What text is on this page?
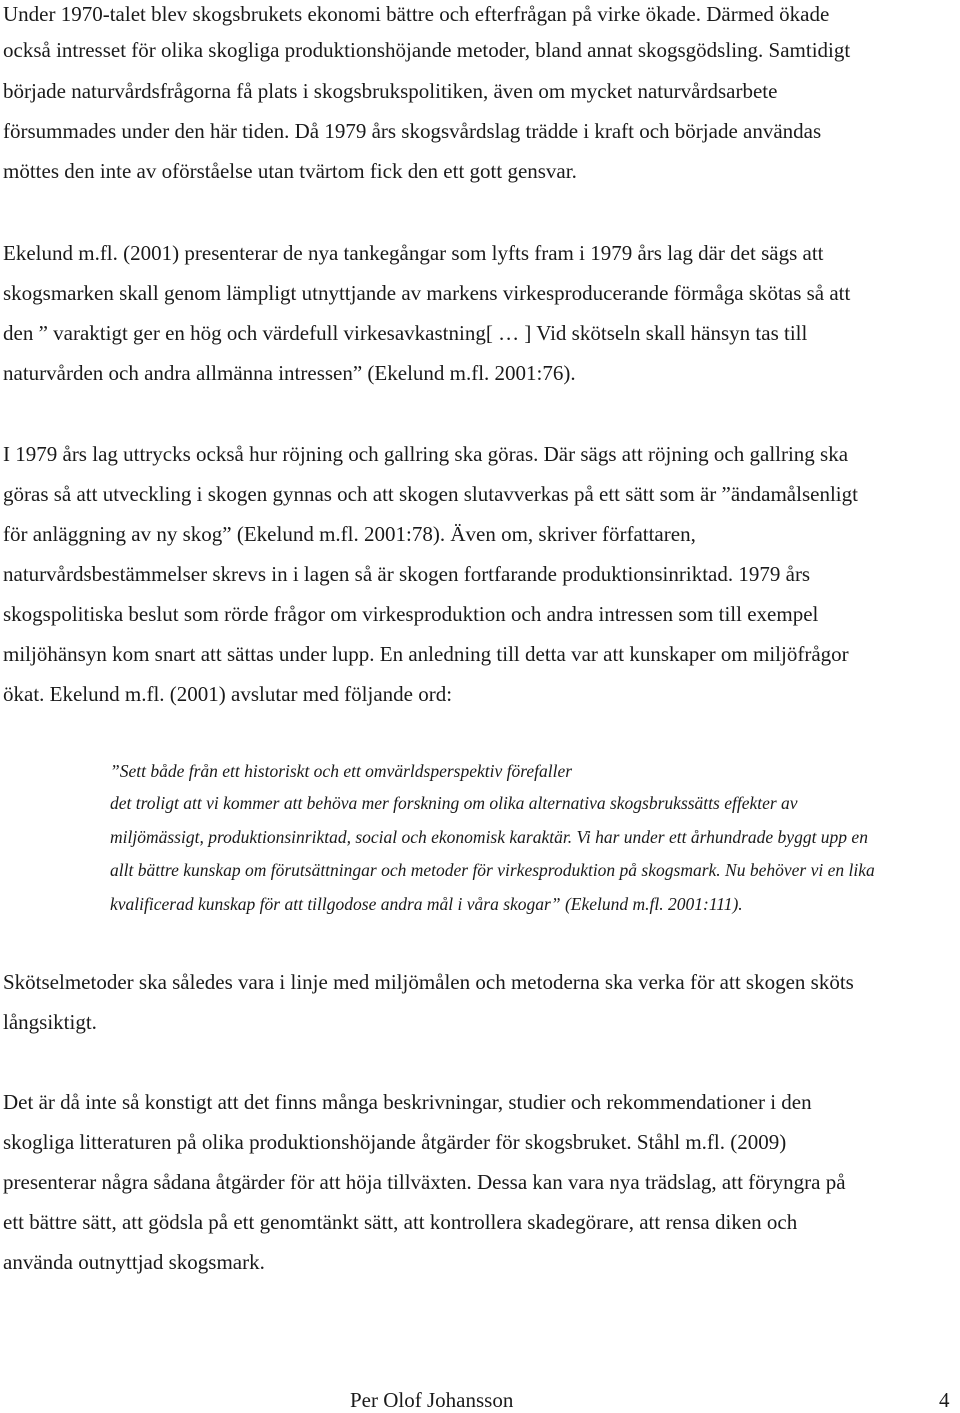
Under 1970-talet blev skogsbrukets ekonomi bättre och efterfrågan på virke ökade. Därmed ökade
också intresset för olika skogliga produktionshöjande metoder, bland annat skogsgödsling. Samtidigt
började naturvårdsfrågorna få plats i skogsbrukspolitiken, även om mycket naturvårdsarbete
försummades under den här tiden. Då 1979 års skogsvårdslag trädde i kraft och började användas
möttes den inte av oförståelse utan tvärtom fick den ett gott gensvar.
Ekelund m.fl. (2001) presenterar de nya tankegångar som lyfts fram i 1979 års lag där det sägs att
skogsmarken skall genom lämpligt utnyttjande av markens virkesproducerande förmåga skötas så att
den ” varaktigt ger en hög och värdefull virkesavkastning[ … ] Vid skötseln skall hänsyn tas till
naturvården och andra allmänna intressen” (Ekelund m.fl. 2001:76).
I 1979 års lag uttrycks också hur röjning och gallring ska göras. Där sägs att röjning och gallring ska
göras så att utveckling i skogen gynnas och att skogen slutavverkas på ett sätt som är ”ändamålsenligt
för anläggning av ny skog” (Ekelund m.fl. 2001:78). Även om, skriver författaren,
naturvårdsbestämmelser skrevs in i lagen så är skogen fortfarande produktionsinriktad. 1979 års
skogspolitiska beslut som rörde frågor om virkesproduktion och andra intressen som till exempel
miljöhänsyn kom snart att sättas under lupp. En anledning till detta var att kunskaper om miljöfrågor
ökat. Ekelund m.fl. (2001) avslutar med följande ord:
”Sett både från ett historiskt och ett omvärldsperspektiv förefaller
det troligt att vi kommer att behöva mer forskning om olika alternativa skogsbrukssätts effekter av
miljömässigt, produktionsinriktad, social och ekonomisk karaktär. Vi har under ett århundrade byggt upp en
allt bättre kunskap om förutsättningar och metoder för virkesproduktion på skogsmark. Nu behöver vi en lika
kvalificerad kunskap för att tillgodose andra mål i våra skogar” (Ekelund m.fl. 2001:111).
Skötselmetoder ska således vara i linje med miljömålen och metoderna ska verka för att skogen sköts
långsiktigt.
Det är då inte så konstigt att det finns många beskrivningar, studier och rekommendationer i den
skogliga litteraturen på olika produktionshöjande åtgärder för skogsbruket. Ståhl m.fl. (2009)
presenterar några sådana åtgärder för att höja tillväxten. Dessa kan vara nya trädslag, att föryngra på
ett bättre sätt, att gödsla på ett genomtänkt sätt, att kontrollera skadegörare, att rensa diken och
använda outnyttjad skogsmark.
Per Olof Johansson	4
